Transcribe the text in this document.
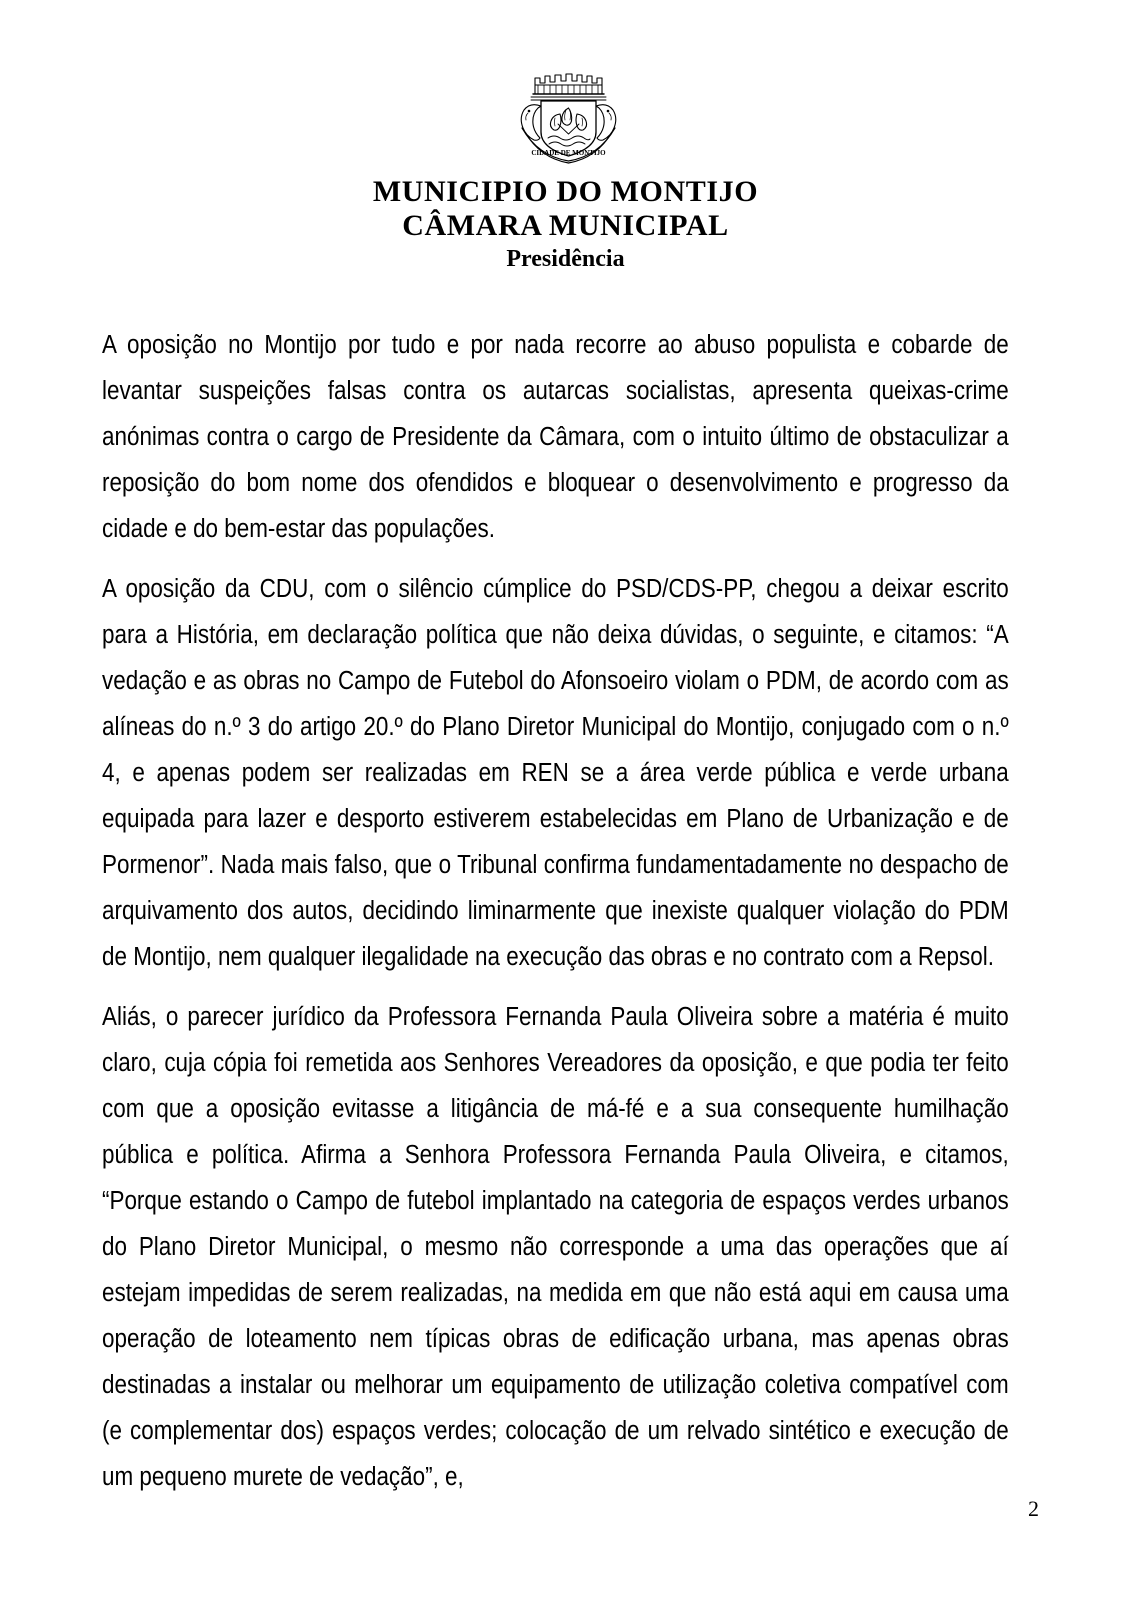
CIDADE DE MONTIJO
MUNICIPIO DO MONTIJO
CÂMARA MUNICIPAL
Presidência

A oposição no Montijo por tudo e por nada recorre ao abuso populista e cobarde de levantar suspeições falsas contra os autarcas socialistas, apresenta queixas-crime anónimas contra o cargo de Presidente da Câmara, com o intuito último de obstaculizar a reposição do bom nome dos ofendidos e bloquear o desenvolvimento e progresso da cidade e do bem-estar das populações.

A oposição da CDU, com o silêncio cúmplice do PSD/CDS-PP, chegou a deixar escrito para a História, em declaração política que não deixa dúvidas, o seguinte, e citamos: “A vedação e as obras no Campo de Futebol do Afonsoeiro violam o PDM, de acordo com as alíneas do n.º 3 do artigo 20.º do Plano Diretor Municipal do Montijo, conjugado com o n.º 4, e apenas podem ser realizadas em REN se a área verde pública e verde urbana equipada para lazer e desporto estiverem estabelecidas em Plano de Urbanização e de Pormenor”. Nada mais falso, que o Tribunal confirma fundamentadamente no despacho de arquivamento dos autos, decidindo liminarmente que inexiste qualquer violação do PDM de Montijo, nem qualquer ilegalidade na execução das obras e no contrato com a Repsol.

Aliás, o parecer jurídico da Professora Fernanda Paula Oliveira sobre a matéria é muito claro, cuja cópia foi remetida aos Senhores Vereadores da oposição, e que podia ter feito com que a oposição evitasse a litigância de má-fé e a sua consequente humilhação pública e política. Afirma a Senhora Professora Fernanda Paula Oliveira, e citamos, “Porque estando o Campo de futebol implantado na categoria de espaços verdes urbanos do Plano Diretor Municipal, o mesmo não corresponde a uma das operações que aí estejam impedidas de serem realizadas, na medida em que não está aqui em causa uma operação de loteamento nem típicas obras de edificação urbana, mas apenas obras destinadas a instalar ou melhorar um equipamento de utilização coletiva compatível com (e complementar dos) espaços verdes; colocação de um relvado sintético e execução de um pequeno murete de vedação”, e,

2
